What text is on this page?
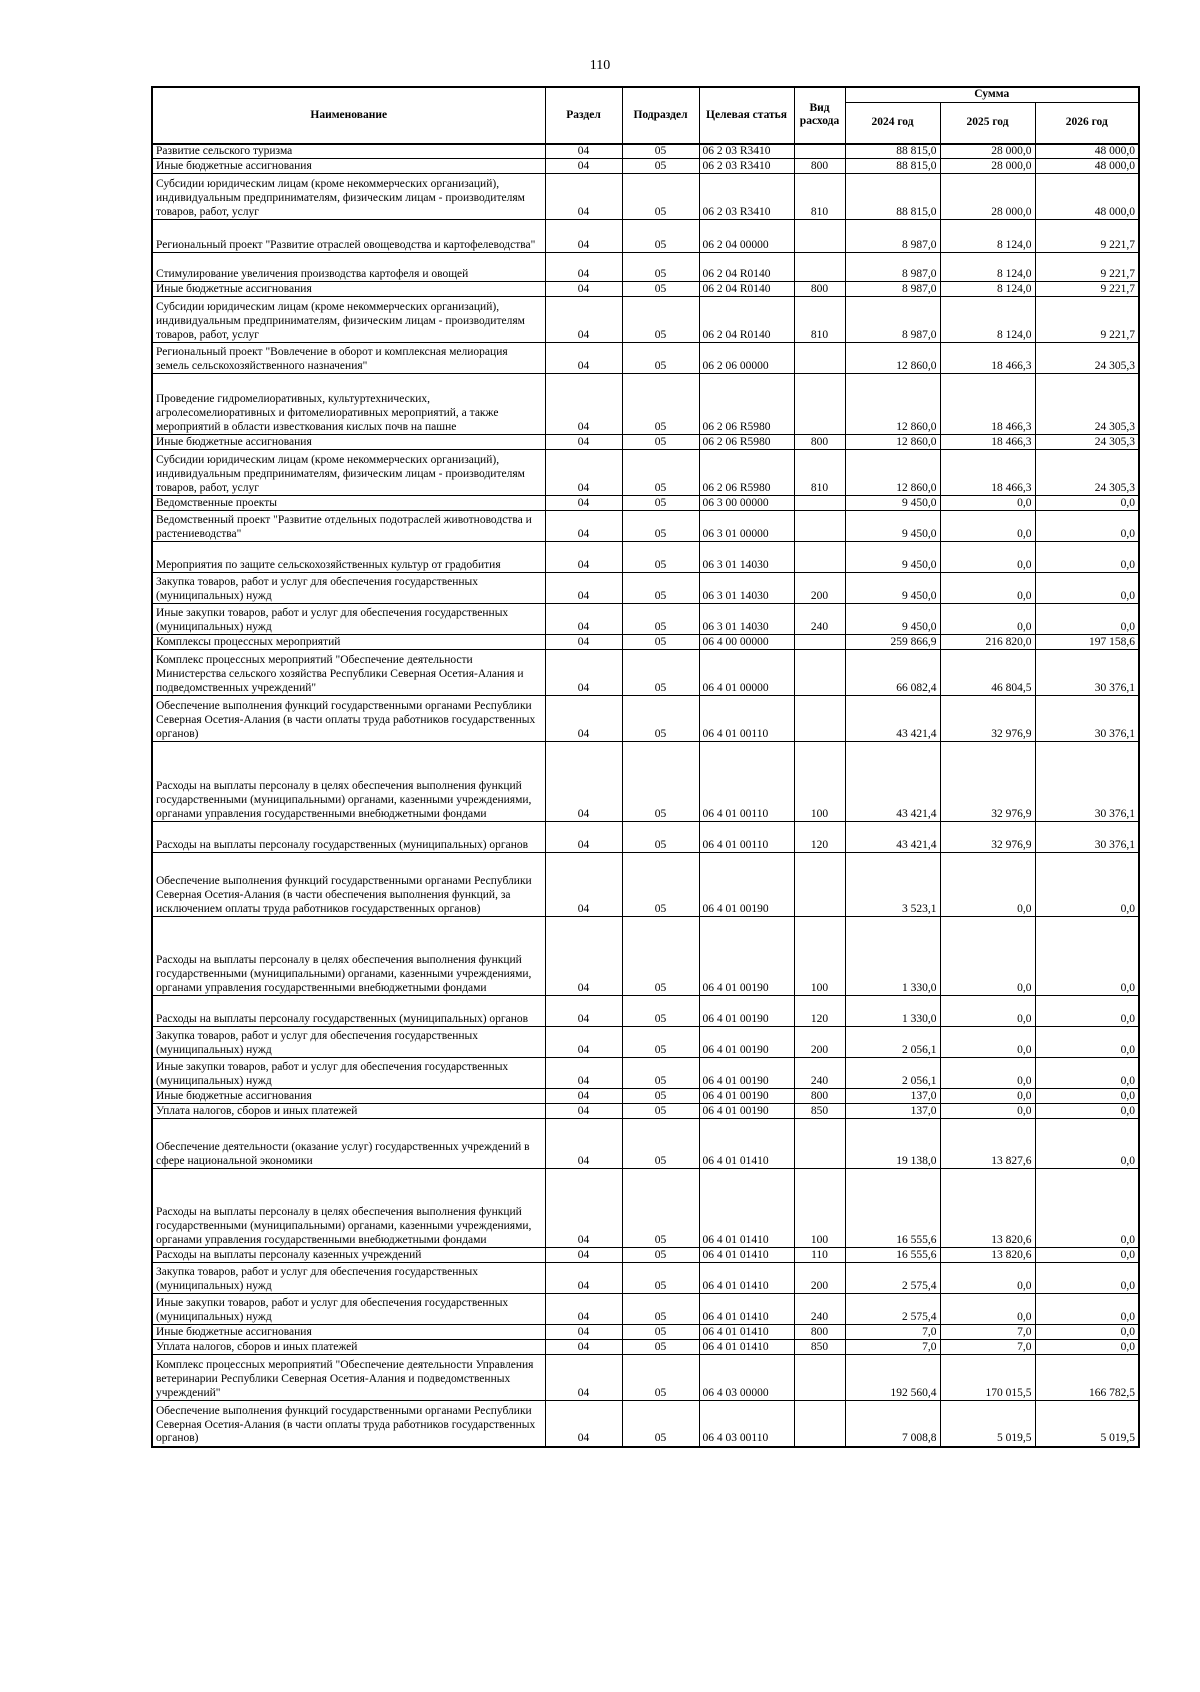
110
Наименование	Раздел	Подраздел	Целевая статья	Вид расхода	Сумма		
					2024 год	2025 год	2026 год
Развитие сельского туризма	04	05	06 2 03 R3410		88 815,0	28 000,0	48 000,0
Иные бюджетные ассигнования	04	05	06 2 03 R3410	800	88 815,0	28 000,0	48 000,0
Субсидии юридическим лицам (кроме некоммерческих организаций), индивидуальным предпринимателям, физическим лицам - производителям товаров, работ, услуг	04	05	06 2 03 R3410	810	88 815,0	28 000,0	48 000,0
Региональный проект "Развитие отраслей овощеводства и картофелеводства"	04	05	06 2 04 00000		8 987,0	8 124,0	9 221,7
Стимулирование увеличения производства картофеля и овощей	04	05	06 2 04 R0140		8 987,0	8 124,0	9 221,7
Иные бюджетные ассигнования	04	05	06 2 04 R0140	800	8 987,0	8 124,0	9 221,7
Субсидии юридическим лицам (кроме некоммерческих организаций), индивидуальным предпринимателям, физическим лицам - производителям товаров, работ, услуг	04	05	06 2 04 R0140	810	8 987,0	8 124,0	9 221,7
Региональный проект "Вовлечение в оборот и комплексная мелиорация земель сельскохозяйственного назначения"	04	05	06 2 06 00000		12 860,0	18 466,3	24 305,3
Проведение гидромелиоративных, культуртехнических, агролесомелиоративных и фитомелиоративных мероприятий, а также мероприятий в области известкования кислых почв на пашне	04	05	06 2 06 R5980		12 860,0	18 466,3	24 305,3
Иные бюджетные ассигнования	04	05	06 2 06 R5980	800	12 860,0	18 466,3	24 305,3
Субсидии юридическим лицам (кроме некоммерческих организаций), индивидуальным предпринимателям, физическим лицам - производителям товаров, работ, услуг	04	05	06 2 06 R5980	810	12 860,0	18 466,3	24 305,3
Ведомственные проекты	04	05	06 3 00 00000		9 450,0	0,0	0,0
Ведомственный проект "Развитие отдельных подотраслей животноводства и растениеводства"	04	05	06 3 01 00000		9 450,0	0,0	0,0
Мероприятия по защите сельскохозяйственных культур от градобития	04	05	06 3 01 14030		9 450,0	0,0	0,0
Закупка товаров, работ и услуг для обеспечения государственных (муниципальных) нужд	04	05	06 3 01 14030	200	9 450,0	0,0	0,0
Иные закупки товаров, работ и услуг для обеспечения государственных (муниципальных) нужд	04	05	06 3 01 14030	240	9 450,0	0,0	0,0
Комплексы процессных мероприятий	04	05	06 4 00 00000		259 866,9	216 820,0	197 158,6
Комплекс процессных мероприятий "Обеспечение деятельности Министерства сельского хозяйства Республики Северная Осетия-Алания и подведомственных учреждений"	04	05	06 4 01 00000		66 082,4	46 804,5	30 376,1
Обеспечение выполнения функций государственными органами Республики Северная Осетия-Алания (в части оплаты труда работников государственных органов)	04	05	06 4 01 00110		43 421,4	32 976,9	30 376,1
Расходы на выплаты персоналу в целях обеспечения выполнения функций государственными (муниципальными) органами, казенными учреждениями, органами управления государственными внебюджетными фондами	04	05	06 4 01 00110	100	43 421,4	32 976,9	30 376,1
Расходы на выплаты персоналу государственных (муниципальных) органов	04	05	06 4 01 00110	120	43 421,4	32 976,9	30 376,1
Обеспечение выполнения функций государственными органами Республики Северная Осетия-Алания (в части обеспечения выполнения функций, за исключением оплаты труда работников государственных органов)	04	05	06 4 01 00190		3 523,1	0,0	0,0
Расходы на выплаты персоналу в целях обеспечения выполнения функций государственными (муниципальными) органами, казенными учреждениями, органами управления государственными внебюджетными фондами	04	05	06 4 01 00190	100	1 330,0	0,0	0,0
Расходы на выплаты персоналу государственных (муниципальных) органов	04	05	06 4 01 00190	120	1 330,0	0,0	0,0
Закупка товаров, работ и услуг для обеспечения государственных (муниципальных) нужд	04	05	06 4 01 00190	200	2 056,1	0,0	0,0
Иные закупки товаров, работ и услуг для обеспечения государственных (муниципальных) нужд	04	05	06 4 01 00190	240	2 056,1	0,0	0,0
Иные бюджетные ассигнования	04	05	06 4 01 00190	800	137,0	0,0	0,0
Уплата налогов, сборов и иных платежей	04	05	06 4 01 00190	850	137,0	0,0	0,0
Обеспечение деятельности (оказание услуг) государственных учреждений в сфере национальной экономики	04	05	06 4 01 01410		19 138,0	13 827,6	0,0
Расходы на выплаты персоналу в целях обеспечения выполнения функций государственными (муниципальными) органами, казенными учреждениями, органами управления государственными внебюджетными фондами	04	05	06 4 01 01410	100	16 555,6	13 820,6	0,0
Расходы на выплаты персоналу казенных учреждений	04	05	06 4 01 01410	110	16 555,6	13 820,6	0,0
Закупка товаров, работ и услуг для обеспечения государственных (муниципальных) нужд	04	05	06 4 01 01410	200	2 575,4	0,0	0,0
Иные закупки товаров, работ и услуг для обеспечения государственных (муниципальных) нужд	04	05	06 4 01 01410	240	2 575,4	0,0	0,0
Иные бюджетные ассигнования	04	05	06 4 01 01410	800	7,0	7,0	0,0
Уплата налогов, сборов и иных платежей	04	05	06 4 01 01410	850	7,0	7,0	0,0
Комплекс процессных мероприятий "Обеспечение деятельности Управления ветеринарии Республики Северная Осетия-Алания и подведомственных учреждений"	04	05	06 4 03 00000		192 560,4	170 015,5	166 782,5
Обеспечение выполнения функций государственными органами Республики Северная Осетия-Алания (в части оплаты труда работников государственных органов)	04	05	06 4 03 00110		7 008,8	5 019,5	5 019,5
